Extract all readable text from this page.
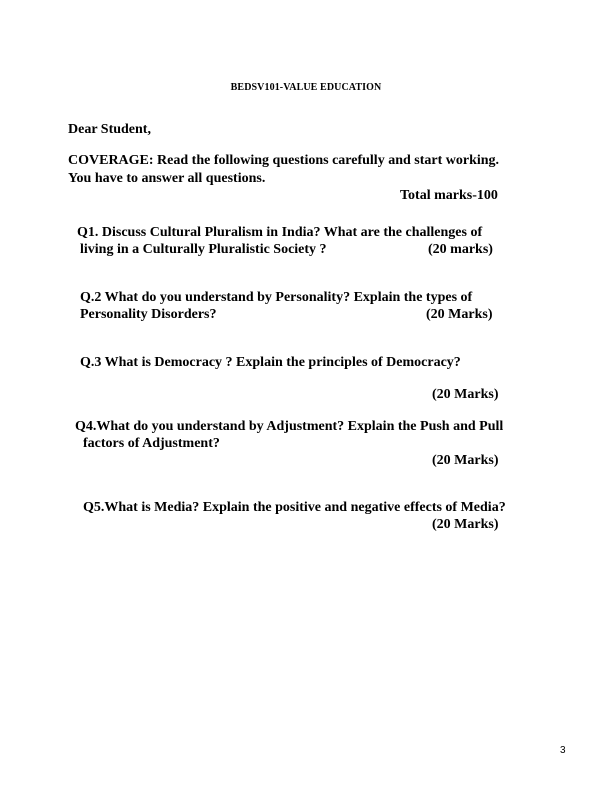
BEDSV101-VALUE EDUCATION
Dear Student,
COVERAGE: Read the following questions carefully and start working.
You have to answer all questions.
Total marks-100
Q1. Discuss Cultural Pluralism in India? What are the challenges of
living in a Culturally Pluralistic Society ?	(20 marks)
Q.2 What do you understand by Personality? Explain the types of
Personality Disorders?	(20 Marks)
Q.3 What is Democracy ? Explain the principles of Democracy?
(20 Marks)
Q4.What do you understand by Adjustment? Explain the Push and Pull
factors of Adjustment?
(20 Marks)
Q5.What is Media? Explain the positive and negative effects of Media?
(20 Marks)
3
